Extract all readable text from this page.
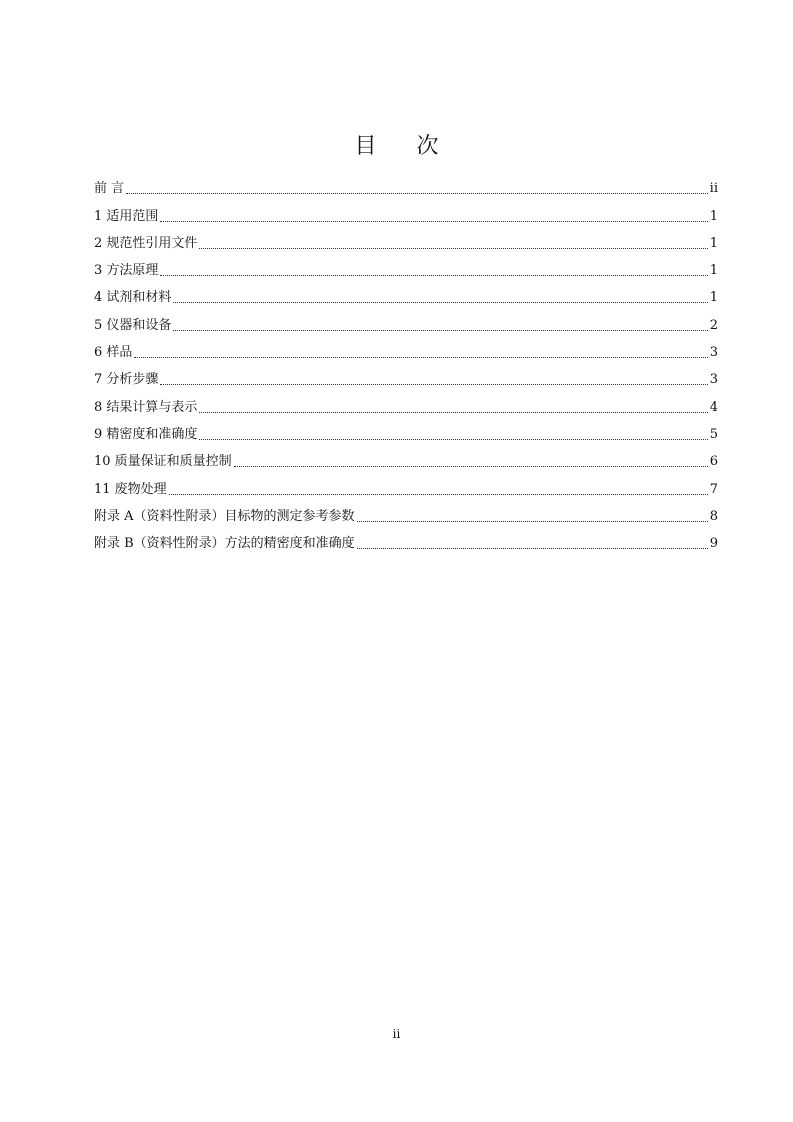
目次
前 言	ii
1 适用范围	1
2 规范性引用文件	1
3 方法原理	1
4 试剂和材料	1
5 仪器和设备	2
6 样品	3
7 分析步骤	3
8 结果计算与表示	4
9 精密度和准确度	5
10 质量保证和质量控制	6
11 废物处理	7
附录 A（资料性附录）目标物的测定参考参数	8
附录 B（资料性附录）方法的精密度和准确度	9
ii
